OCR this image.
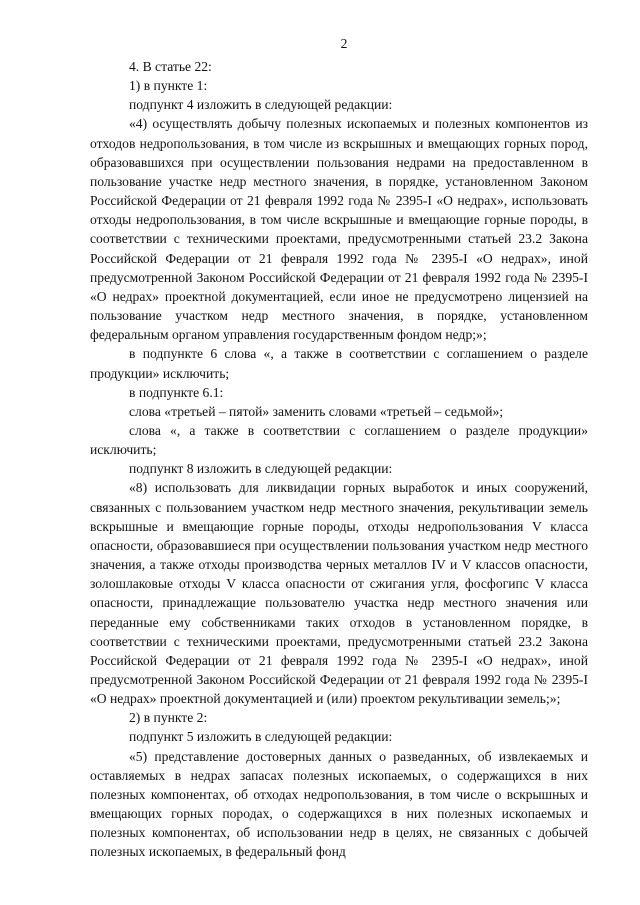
2

4. В статье 22:

1) в пункте 1:

подпункт 4 изложить в следующей редакции:

«4) осуществлять добычу полезных ископаемых и полезных компонентов из отходов недропользования, в том числе из вскрышных и вмещающих горных пород, образовавшихся при осуществлении пользования недрами на предоставленном в пользование участке недр местного значения, в порядке, установленном Законом Российской Федерации от 21 февраля 1992 года № 2395-I «О недрах», использовать отходы недропользования, в том числе вскрышные и вмещающие горные породы, в соответствии с техническими проектами, предусмотренными статьей 23.2 Закона Российской Федерации от 21 февраля 1992 года № 2395-I «О недрах», иной предусмотренной Законом Российской Федерации от 21 февраля 1992 года № 2395-I «О недрах» проектной документацией, если иное не предусмотрено лицензией на пользование участком недр местного значения, в порядке, установленном федеральным органом управления государственным фондом недр;»;

в подпункте 6 слова «, а также в соответствии с соглашением о разделе продукции» исключить;

в подпункте 6.1:

слова «третьей – пятой» заменить словами «третьей – седьмой»;

слова «, а также в соответствии с соглашением о разделе продукции» исключить;

подпункт 8 изложить в следующей редакции:

«8) использовать для ликвидации горных выработок и иных сооружений, связанных с пользованием участком недр местного значения, рекультивации земель вскрышные и вмещающие горные породы, отходы недропользования V класса опасности, образовавшиеся при осуществлении пользования участком недр местного значения, а также отходы производства черных металлов IV и V классов опасности, золошлаковые отходы V класса опасности от сжигания угля, фосфогипс V класса опасности, принадлежащие пользователю участка недр местного значения или переданные ему собственниками таких отходов в установленном порядке, в соответствии с техническими проектами, предусмотренными статьей 23.2 Закона Российской Федерации от 21 февраля 1992 года № 2395-I «О недрах», иной предусмотренной Законом Российской Федерации от 21 февраля 1992 года № 2395-I «О недрах» проектной документацией и (или) проектом рекультивации земель;»;

2) в пункте 2:

подпункт 5 изложить в следующей редакции:

«5) представление достоверных данных о разведанных, об извлекаемых и оставляемых в недрах запасах полезных ископаемых, о содержащихся в них полезных компонентах, об отходах недропользования, в том числе о вскрышных и вмещающих горных породах, о содержащихся в них полезных ископаемых и полезных компонентах, об использовании недр в целях, не связанных с добычей полезных ископаемых, в федеральный фонд
